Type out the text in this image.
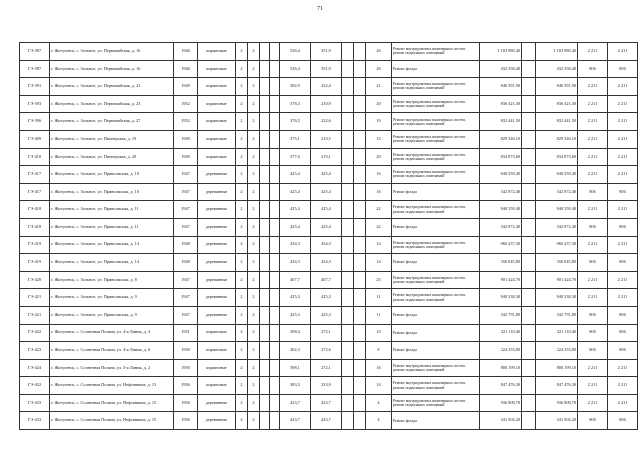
71
ГЭ-387	г. Жигулевск, с. Зольное, ул. Первомайская, д. 16	1946	кирпичные	2	2			536,4	351,9			26	Ремонт внутридомовых инженерных систем, ремонт подвальных помещений	1 183 980,40		1 183 980,40	2 211	2 211
ГЭ-387	г. Жигулевск, с. Зольное, ул. Первомайская, д. 16	1946	кирпичные	2	2			536,4	351,9			26	Ремонт фасада	432 358,40		432 358,40	806	806
ГЭ-391	г. Жигулевск, с. Зольное, ул. Первомайская, д. 21	1949	кирпичные	2	2			382,9	222,4			21	Ремонт внутридомовых инженерных систем, ремонт подвальных помещений	846 591,90		846 591,90	2 211	2 211
ГЭ-393	г. Жигулевск, с. Зольное, ул. Первомайская, д. 23	1952	кирпичные	2	2			378,3	210,9			20	Ремонт внутридомовых инженерных систем, ремонт подвальных помещений	836 421,30		836 421,30	2 211	2 211
ГЭ-396	г. Жигулевск, с. Зольное, ул. Первомайская, д. 27	1952	кирпичные	2	2			376,5	222,6			19	Ремонт внутридомовых инженерных систем, ремонт подвальных помещений	832 441,50		832 441,50	2 211	2 211
ГЭ-409	г. Жигулевск, с. Зольное, ул. Пионерская, д. 19	1949	кирпичные	2	2			375,1	210,5			15	Ремонт внутридомовых инженерных систем, ремонт подвальных помещений	829 346,10		829 346,10	2 211	2 211
ГЭ-410	г. Жигулевск, с. Зольное, ул. Пионерская, д. 20	1949	кирпичные	2	2			377,6	219,1			20	Ремонт внутридомовых инженерных систем, ремонт подвальных помещений	834 873,60		834 873,60	2 211	2 211
ГЭ-417	г. Жигулевск, с. Зольное, ул. Приволжская, д. 10	1947	деревянные	2	2			425,4	425,4			16	Ремонт внутридомовых инженерных систем, ремонт подвальных помещений	940 559,40		940 559,40	2 211	2 211
ГЭ-417	г. Жигулевск, с. Зольное, ул. Приволжская, д. 10	1947	деревянные	2	2			425,4	425,4			16	Ремонт фасада	342 872,40		342 872,40	806	806
ГЭ-418	г. Жигулевск, с. Зольное, ул. Приволжская, д. 11	1947	деревянные	2	2			425,4	425,4			22	Ремонт внутридомовых инженерных систем, ремонт подвальных помещений	940 559,40		940 559,40	2 211	2 211
ГЭ-418	г. Жигулевск, с. Зольное, ул. Приволжская, д. 11	1947	деревянные	2	2			425,4	425,4			22	Ремонт фасада	342 872,40		342 872,40	806	806
ГЭ-419	г. Жигулевск, с. Зольное, ул. Приволжская, д. 14	1948	деревянные	2	2			434,3	434,3			14	Ремонт внутридомовых инженерных систем, ремонт подвальных помещений	960 237,30		960 237,30	2 211	2 211
ГЭ-419	г. Жигулевск, с. Зольное, ул. Приволжская, д. 14	1948	деревянные	2	2			434,3	434,3			14	Ремонт фасада	350 045,80		350 045,80	806	806
ГЭ-420	г. Жигулевск, с. Зольное, ул. Приволжская, д. 8	1947	деревянные	2	2			407,7	407,7			25	Ремонт внутридомовых инженерных систем, ремонт подвальных помещений	901 424,70		901 424,70	2 211	2 211
ГЭ-421	г. Жигулевск, с. Зольное, ул. Приволжская, д. 9	1947	деревянные	2	2			425,3	425,3			11	Ремонт внутридомовых инженерных систем, ремонт подвальных помещений	940 338,30		940 338,30	2 211	2 211
ГЭ-421	г. Жигулевск, с. Зольное, ул. Приволжская, д. 9	1947	деревянные	2	2			425,3	425,3			11	Ремонт фасада	342 791,80		342 791,80	806	806
ГЭ-422	г. Жигулевск, с. Солнечная Поляна, ул. 4-я Линия, д. 4	1951	кирпичные	2	2			398,4	272,1			10	Ремонт фасада	321 110,40		321 110,40	806	806
ГЭ-423	г. Жигулевск, с. Солнечная Поляна, ул. 4-я Линия, д. 6	1950	кирпичные	2	2			402,3	272,6			8	Ремонт фасада	324 253,80		324 253,80	806	806
ГЭ-424	г. Жигулевск, с. Солнечная Поляна, ул. 5-я Линия, д. 2	1950	кирпичные	2	2			398,1	272,1			16	Ремонт внутридомовых инженерных систем, ремонт подвальных помещений	880 199,10		880 199,10	2 211	2 211
ГЭ-432	г. Жигулевск, с. Солнечная Поляна, ул. Нефтяников, д. 13	1956	кирпичные	2	2			383,3	233,9			14	Ремонт внутридомовых инженерных систем, ремонт подвальных помещений	847 476,30		847 476,30	2 211	2 211
ГЭ-433	г. Жигулевск, с. Солнечная Поляна, ул. Нефтяников, д. 15	1956	деревянные	2	2			423,7	423,7			4	Ремонт внутридомовых инженерных систем, ремонт подвальных помещений	936 800,70		936 800,70	2 211	2 211
ГЭ-433	г. Жигулевск, с. Солнечная Поляна, ул. Нефтяников, д. 15	1956	деревянные	2	2			423,7	423,7			4	Ремонт фасада	341 502,20		341 502,20	806	806
